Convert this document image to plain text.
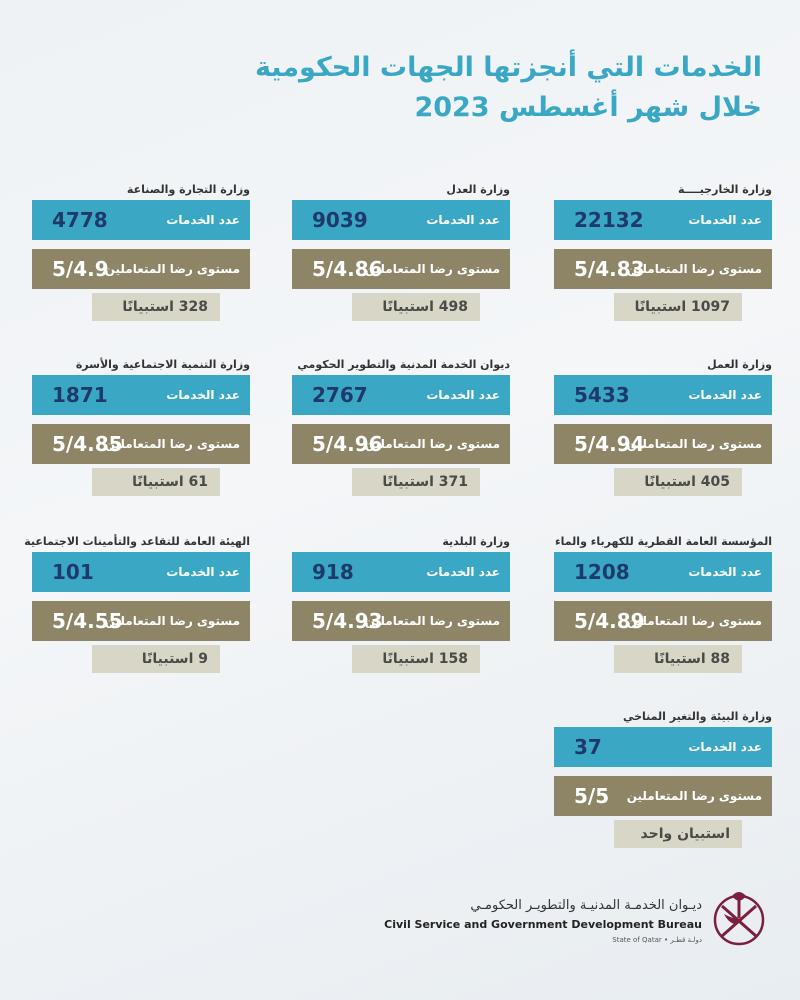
الخدمات التي أنجزتها الجهات الحكومية
خلال شهر أغسطس 2023
وزارة الخارجيــــة
عدد الخدمات
22132
مستوى رضا المتعاملين
5/4.83
1097 استبيانًا
وزارة العدل
عدد الخدمات
9039
مستوى رضا المتعاملين
5/4.86
498 استبيانًا
وزارة التجارة والصناعة
عدد الخدمات
4778
مستوى رضا المتعاملين
5/4.9
328 استبيانًا
وزارة العمل
عدد الخدمات
5433
مستوى رضا المتعاملين
5/4.94
405 استبيانًا
ديوان الخدمة المدنية والتطوير الحكومي
عدد الخدمات
2767
مستوى رضا المتعاملين
5/4.96
371 استبيانًا
وزارة التنمية الاجتماعية والأسرة
عدد الخدمات
1871
مستوى رضا المتعاملين
5/4.85
61 استبيانًا
المؤسسة العامة القطرية للكهرباء والماء
عدد الخدمات
1208
مستوى رضا المتعاملين
5/4.89
88 استبيانًا
وزارة البلدية
عدد الخدمات
918
مستوى رضا المتعاملين
5/4.93
158 استبيانًا
الهيئة العامة للتقاعد والتأمينات الاجتماعية
عدد الخدمات
101
مستوى رضا المتعاملين
5/4.55
9 استبيانًا
وزارة البيئة والتغير المناخي
عدد الخدمات
37
مستوى رضا المتعاملين
5/5
استبيان واحد
ديـوان الخدمـة المدنيـة والتطويـر الحكومـي
Civil Service and Government Development Bureau
State of Qatar • دولـة قطـر
